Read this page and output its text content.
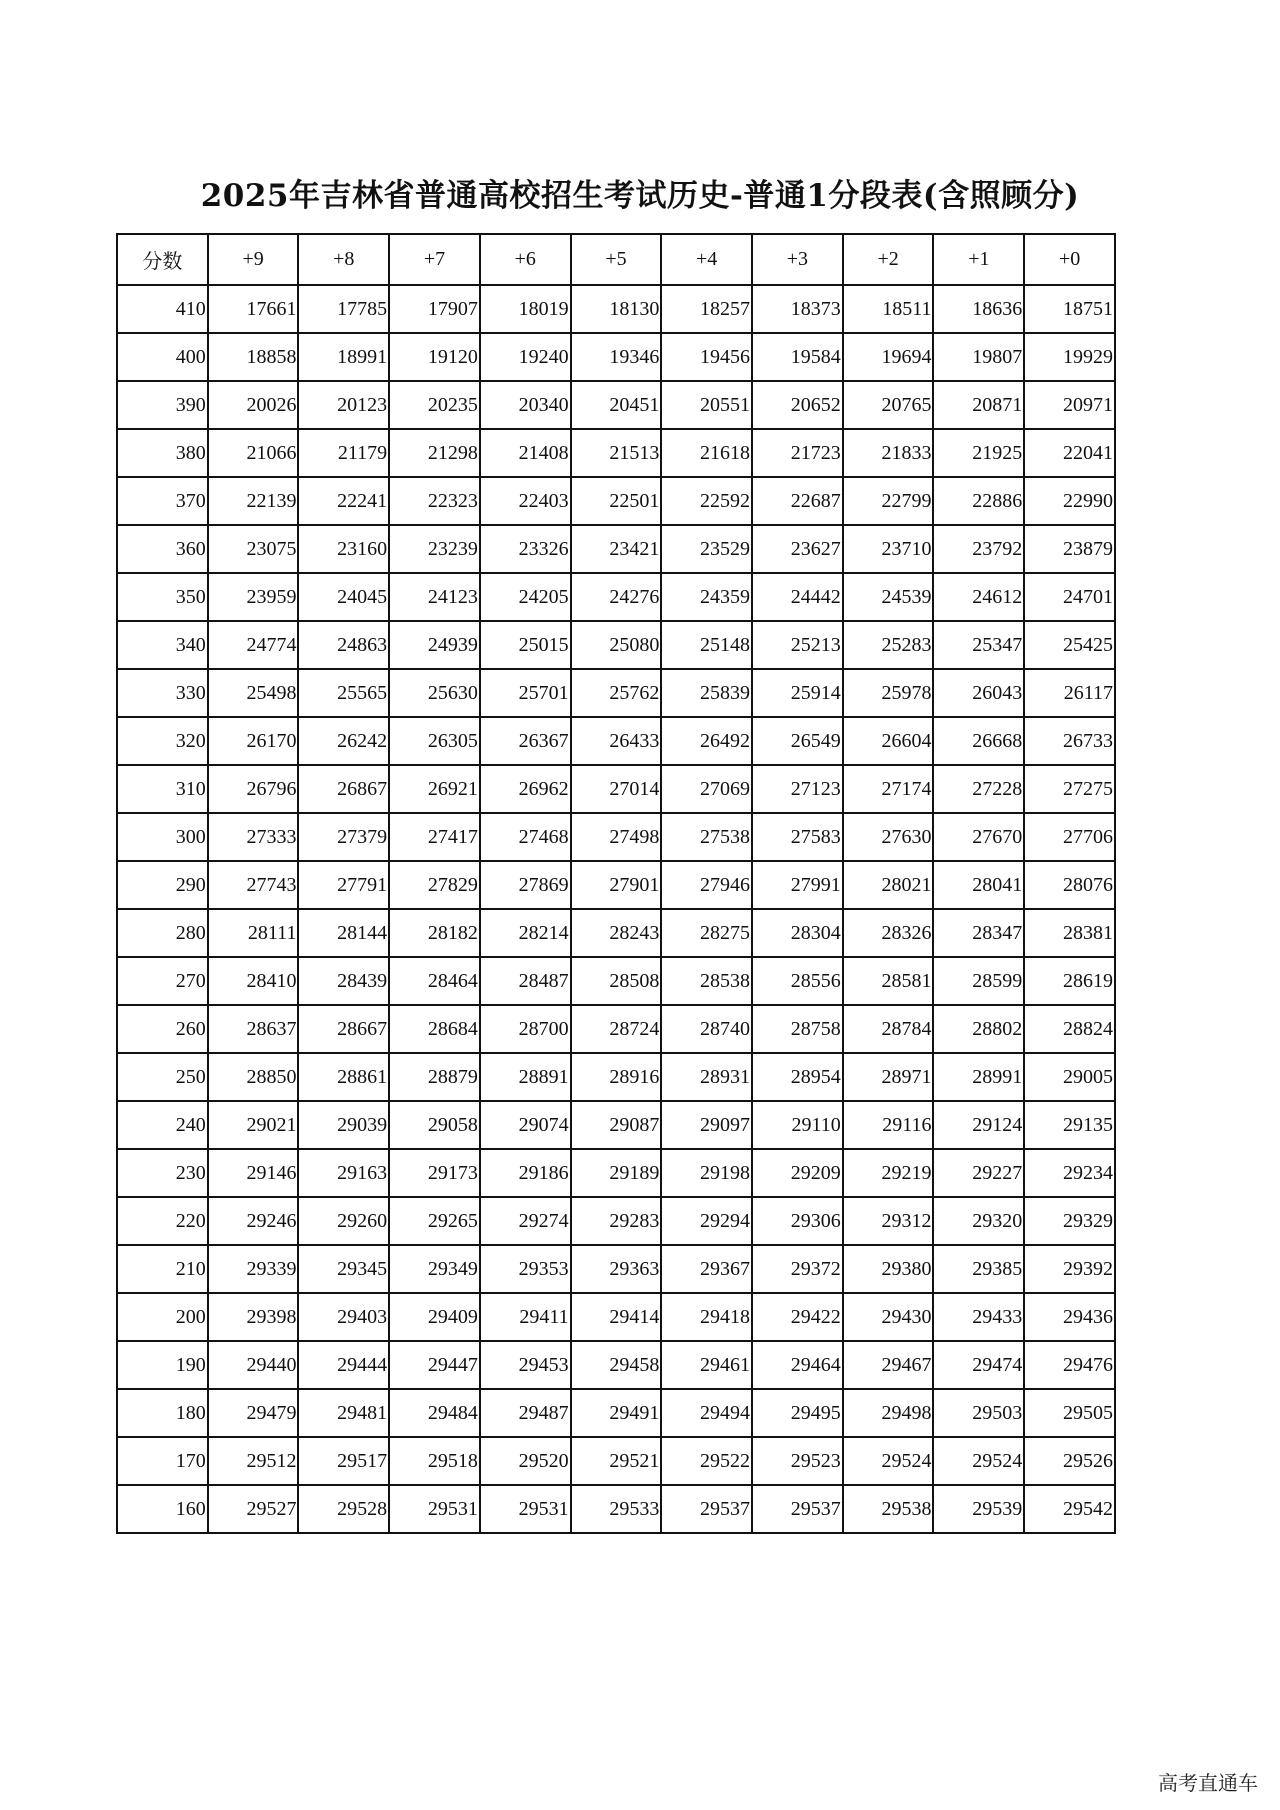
2025年吉林省普通高校招生考试历史-普通1分段表(含照顾分)
分数	+9	+8	+7	+6	+5	+4	+3	+2	+1	+0
410	17661	17785	17907	18019	18130	18257	18373	18511	18636	18751
400	18858	18991	19120	19240	19346	19456	19584	19694	19807	19929
390	20026	20123	20235	20340	20451	20551	20652	20765	20871	20971
380	21066	21179	21298	21408	21513	21618	21723	21833	21925	22041
370	22139	22241	22323	22403	22501	22592	22687	22799	22886	22990
360	23075	23160	23239	23326	23421	23529	23627	23710	23792	23879
350	23959	24045	24123	24205	24276	24359	24442	24539	24612	24701
340	24774	24863	24939	25015	25080	25148	25213	25283	25347	25425
330	25498	25565	25630	25701	25762	25839	25914	25978	26043	26117
320	26170	26242	26305	26367	26433	26492	26549	26604	26668	26733
310	26796	26867	26921	26962	27014	27069	27123	27174	27228	27275
300	27333	27379	27417	27468	27498	27538	27583	27630	27670	27706
290	27743	27791	27829	27869	27901	27946	27991	28021	28041	28076
280	28111	28144	28182	28214	28243	28275	28304	28326	28347	28381
270	28410	28439	28464	28487	28508	28538	28556	28581	28599	28619
260	28637	28667	28684	28700	28724	28740	28758	28784	28802	28824
250	28850	28861	28879	28891	28916	28931	28954	28971	28991	29005
240	29021	29039	29058	29074	29087	29097	29110	29116	29124	29135
230	29146	29163	29173	29186	29189	29198	29209	29219	29227	29234
220	29246	29260	29265	29274	29283	29294	29306	29312	29320	29329
210	29339	29345	29349	29353	29363	29367	29372	29380	29385	29392
200	29398	29403	29409	29411	29414	29418	29422	29430	29433	29436
190	29440	29444	29447	29453	29458	29461	29464	29467	29474	29476
180	29479	29481	29484	29487	29491	29494	29495	29498	29503	29505
170	29512	29517	29518	29520	29521	29522	29523	29524	29524	29526
160	29527	29528	29531	29531	29533	29537	29537	29538	29539	29542
高考直通车
